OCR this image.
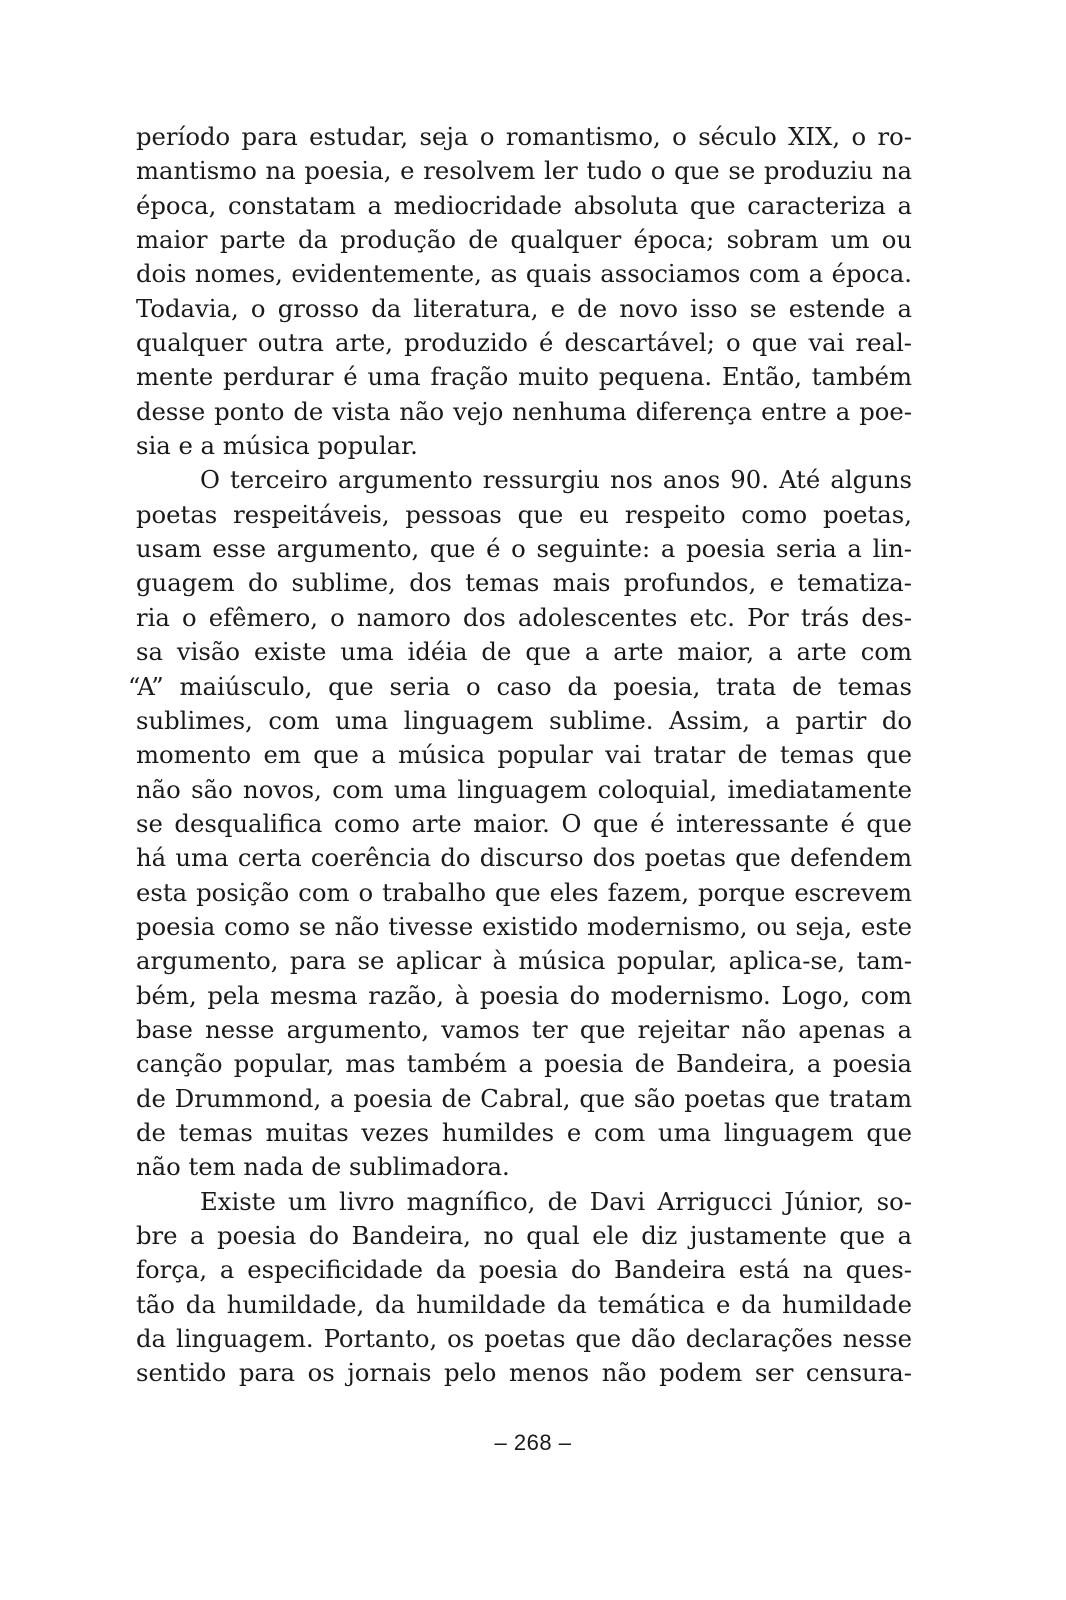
período para estudar, seja o romantismo, o século XIX, o ro-
mantismo na poesia, e resolvem ler tudo o que se produziu na
época, constatam a mediocridade absoluta que caracteriza a
maior parte da produção de qualquer época; sobram um ou
dois nomes, evidentemente, as quais associamos com a época.
Todavia, o grosso da literatura, e de novo isso se estende a
qualquer outra arte, produzido é descartável; o que vai real-
mente perdurar é uma fração muito pequena. Então, também
desse ponto de vista não vejo nenhuma diferença entre a poe-
sia e a música popular.
O terceiro argumento ressurgiu nos anos 90. Até alguns
poetas respeitáveis, pessoas que eu respeito como poetas,
usam esse argumento, que é o seguinte: a poesia seria a lin-
guagem do sublime, dos temas mais profundos, e tematiza-
ria o efêmero, o namoro dos adolescentes etc. Por trás des-
sa visão existe uma idéia de que a arte maior, a arte com
“A” maiúsculo, que seria o caso da poesia, trata de temas
sublimes, com uma linguagem sublime. Assim, a partir do
momento em que a música popular vai tratar de temas que
não são novos, com uma linguagem coloquial, imediatamente
se desqualifica como arte maior. O que é interessante é que
há uma certa coerência do discurso dos poetas que defendem
esta posição com o trabalho que eles fazem, porque escrevem
poesia como se não tivesse existido modernismo, ou seja, este
argumento, para se aplicar à música popular, aplica-se, tam-
bém, pela mesma razão, à poesia do modernismo. Logo, com
base nesse argumento, vamos ter que rejeitar não apenas a
canção popular, mas também a poesia de Bandeira, a poesia
de Drummond, a poesia de Cabral, que são poetas que tratam
de temas muitas vezes humildes e com uma linguagem que
não tem nada de sublimadora.
Existe um livro magnífico, de Davi Arrigucci Júnior, so-
bre a poesia do Bandeira, no qual ele diz justamente que a
força, a especificidade da poesia do Bandeira está na ques-
tão da humildade, da humildade da temática e da humildade
da linguagem. Portanto, os poetas que dão declarações nesse
sentido para os jornais pelo menos não podem ser censura-
– 268 –
